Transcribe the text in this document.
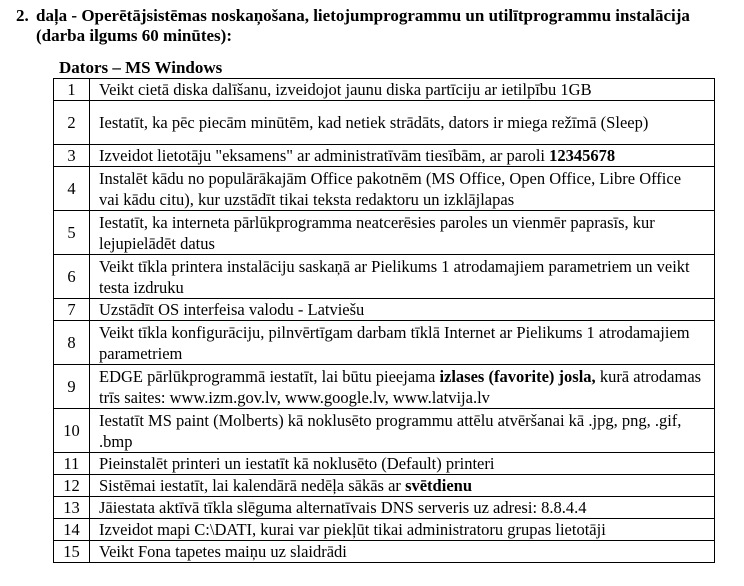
2. daļa - Operētājsistēmas noskaņošana, lietojumprogrammu un utilītprogrammu instalācija (darba ilgums 60 minūtes):
Dators – MS Windows
1	Veikt cietā diska dalīšanu, izveidojot jaunu diska partīciju ar ietilpību 1GB
2	Iestatīt, ka pēc piecām minūtēm, kad netiek strādāts, dators ir miega režīmā (Sleep)
3	Izveidot lietotāju "eksamens" ar administratīvām tiesībām, ar paroli 12345678
4	Instalēt kādu no populārākajām Office pakotnēm (MS Office, Open Office, Libre Office vai kādu citu), kur uzstādīt tikai teksta redaktoru un izklājlapas
5	Iestatīt, ka interneta pārlūkprogramma neatcerēsies paroles un vienmēr paprasīs, kur lejupielādēt datus
6	Veikt tīkla printera instalāciju saskaņā ar Pielikums 1 atrodamajiem parametriem un veikt testa izdruku
7	Uzstādīt OS interfeisa valodu - Latviešu
8	Veikt tīkla konfigurāciju, pilnvērtīgam darbam tīklā Internet ar Pielikums 1 atrodamajiem parametriem
9	EDGE pārlūkprogrammā iestatīt, lai būtu pieejama izlases (favorite) josla, kurā atrodamas trīs saites: www.izm.gov.lv, www.google.lv, www.latvija.lv
10	Iestatīt MS paint (Molberts) kā noklusēto programmu attēlu atvēršanai kā .jpg, png, .gif, .bmp
11	Pieinstalēt printeri un iestatīt kā noklusēto (Default) printeri
12	Sistēmai iestatīt, lai kalendārā nedēļa sākās ar svētdienu
13	Jāiestata aktīvā tīkla slēguma alternatīvais DNS serveris uz adresi: 8.8.4.4
14	Izveidot mapi C:\DATI, kurai var piekļūt tikai administratoru grupas lietotāji
15	Veikt Fona tapetes maiņu uz slaidrādi
